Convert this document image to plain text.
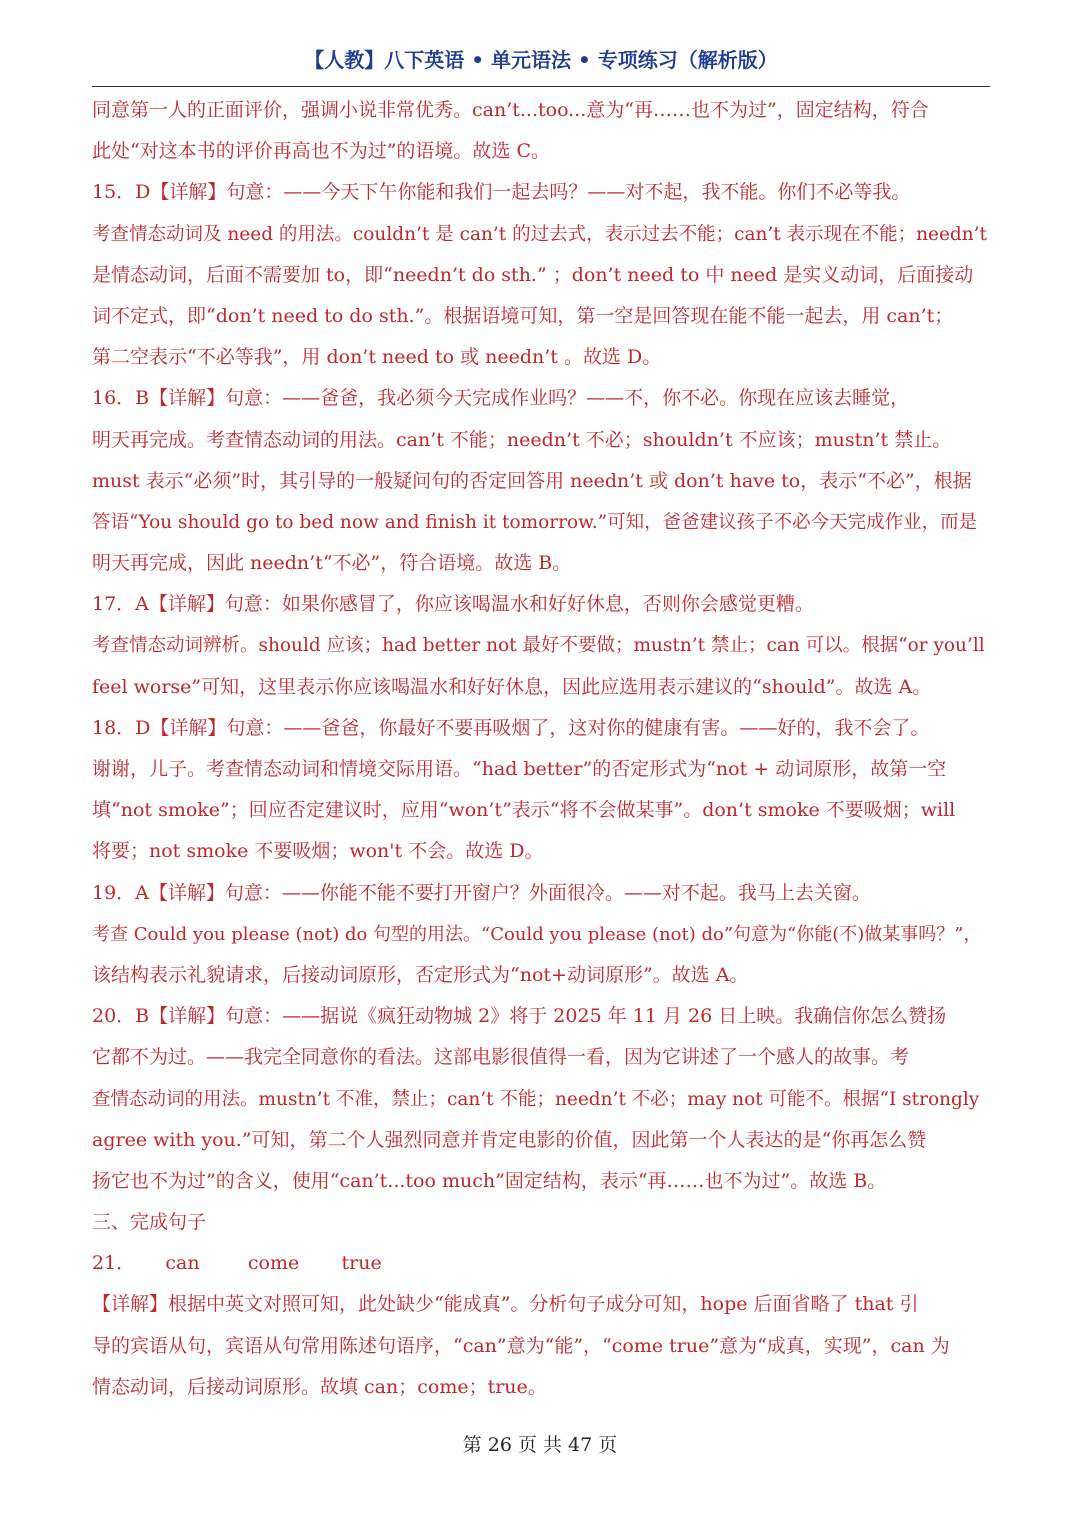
【人教】八下英语 • 单元语法 • 专项练习（解析版）
同意第一人的正面评价，强调小说非常优秀。can’t...too...意为“再……也不为过”，固定结构，符合
此处“对这本书的评价再高也不为过”的语境。故选 C。
15．D【详解】句意：——今天下午你能和我们一起去吗？——对不起，我不能。你们不必等我。
考查情态动词及 need 的用法。couldn’t 是 can’t 的过去式，表示过去不能；can’t 表示现在不能；needn’t
是情态动词，后面不需要加 to，即“needn’t do sth.” ；don’t need to 中 need 是实义动词，后面接动
词不定式，即“don’t need to do sth.”。根据语境可知，第一空是回答现在能不能一起去，用 can’t；
第二空表示“不必等我”，用 don’t need to 或 needn’t 。故选 D。
16．B【详解】句意：——爸爸，我必须今天完成作业吗？——不，你不必。你现在应该去睡觉，
明天再完成。考查情态动词的用法。can’t 不能；needn’t 不必；shouldn’t 不应该；mustn’t 禁止。
must 表示“必须”时，其引导的一般疑问句的否定回答用 needn’t 或 don’t have to，表示“不必”，根据
答语“You should go to bed now and finish it tomorrow.”可知，爸爸建议孩子不必今天完成作业，而是
明天再完成，因此 needn’t“不必”，符合语境。故选 B。
17．A【详解】句意：如果你感冒了，你应该喝温水和好好休息，否则你会感觉更糟。
考查情态动词辨析。should 应该；had better not 最好不要做；mustn’t 禁止；can 可以。根据“or you’ll
feel worse”可知，这里表示你应该喝温水和好好休息，因此应选用表示建议的“should”。故选 A。
18．D【详解】句意：——爸爸，你最好不要再吸烟了，这对你的健康有害。——好的，我不会了。
谢谢，儿子。考查情态动词和情境交际用语。“had better”的否定形式为“not + 动词原形，故第一空
填“not smoke”；回应否定建议时，应用“won’t”表示“将不会做某事”。don’t smoke 不要吸烟；will
将要；not smoke 不要吸烟；won't 不会。故选 D。
19．A【详解】句意：——你能不能不要打开窗户？外面很冷。——对不起。我马上去关窗。
考查 Could you please (not) do 句型的用法。“Could you please (not) do”句意为“你能(不)做某事吗？”，
该结构表示礼貌请求，后接动词原形，否定形式为“not+动词原形”。故选 A。
20．B【详解】句意：——据说《疯狂动物城 2》将于 2025 年 11 月 26 日上映。我确信你怎么赞扬
它都不为过。——我完全同意你的看法。这部电影很值得一看，因为它讲述了一个感人的故事。考
查情态动词的用法。mustn’t 不准，禁止；can’t 不能；needn’t 不必；may not 可能不。根据“I strongly
agree with you.”可知，第二个人强烈同意并肯定电影的价值，因此第一个人表达的是“你再怎么赞
扬它也不为过”的含义，使用“can’t...too much”固定结构，表示“再……也不为过”。故选 B。
三、完成句子
21．     can        come       true
【详解】根据中英文对照可知，此处缺少“能成真”。分析句子成分可知，hope 后面省略了 that 引
导的宾语从句，宾语从句常用陈述句语序，“can”意为“能”，“come true”意为“成真，实现”，can 为
情态动词，后接动词原形。故填 can；come；true。
第 26 页 共 47 页
